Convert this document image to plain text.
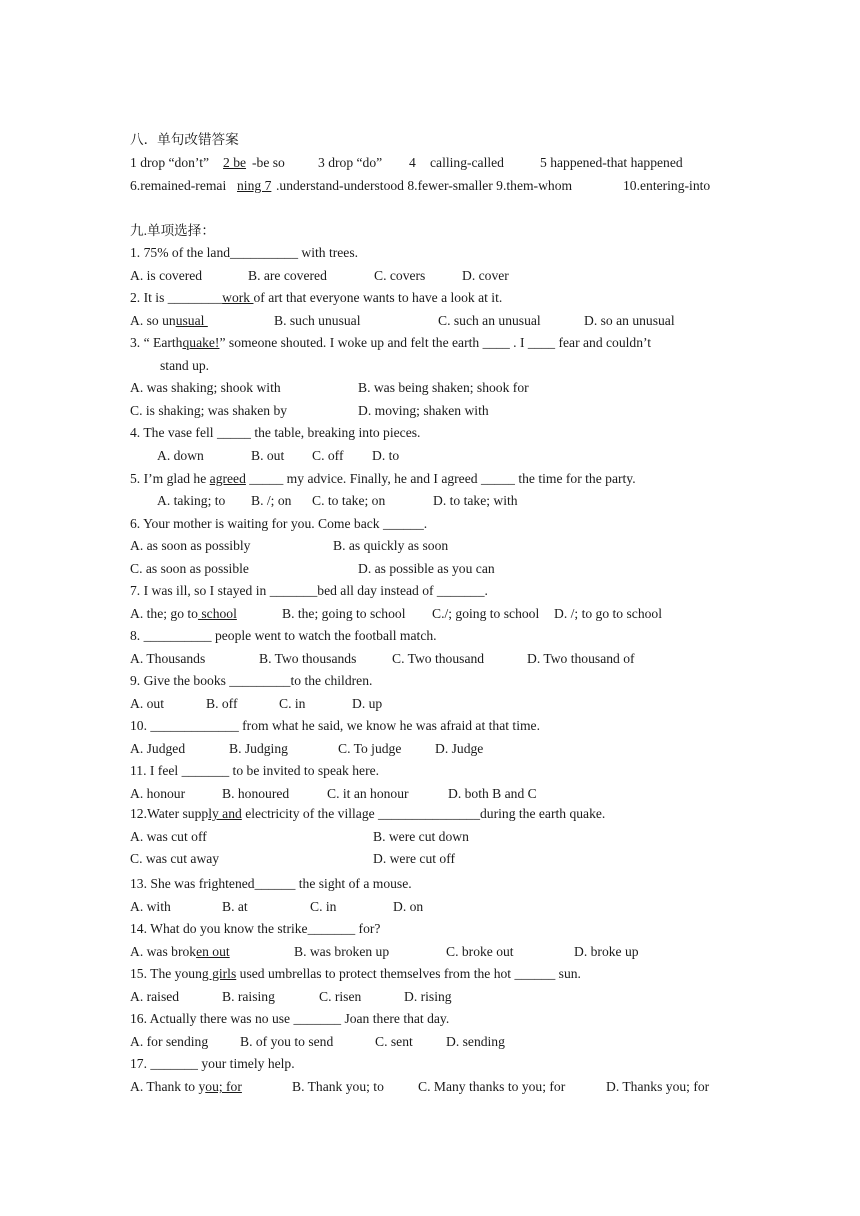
八．单句改错答案
1 drop “don’t” 2 be -be so 3 drop “do” 4 calling-called	5 happened-that happened
6.remained-remai ning 7 .understand-understood 8.fewer-smaller 9.them-whom	10.entering-into
九.单项选择：
1. 75% of the land__________ with trees.
A. is covered	B. are covered	C. covers	D. cover
2. It is ________work of art that everyone wants to have a look at it.
A. so unusual	B. such unusual	C. such an unusual	D. so an unusual
3. “ Earthquake!” someone shouted. I woke up and felt the earth ____ . I ____ fear and couldn’t
stand up.
A. was shaking; shook with	B. was being shaken; shook for
C. is shaking; was shaken by	D. moving; shaken with
4. The vase fell _____ the table, breaking into pieces.
A. down	B. out C. off D. to
5. I’m glad he agreed _____ my advice. Finally, he and I agreed _____ the time for the party.
A. taking; to B. /; on C. to take; on	D. to take; with
6. Your mother is waiting for you. Come back ______.
A. as soon as possibly	B. as quickly as soon
C. as soon as possible	D. as possible as you can
7. I was ill, so I stayed in _______bed all day instead of _______.
A. the; go to school	B. the; going to school C./; going to school D. /; to go to school
8. __________ people went to watch the football match.
A. Thousands	B. Two thousands	C. Two thousand	D. Two thousand of
9. Give the books _________to the children.
A. out	B. off	C. in	D. up
10. _____________ from what he said, we know he was afraid at that time.
A. Judged	B. Judging	C. To judge D. Judge
11. I feel _______ to be invited to speak here.
A. honour	B. honoured	C. it an honour	D. both B and C
12.Water supply and electricity of the village _______________during the earth quake.
A. was cut off	B. were cut down
C. was cut away	D. were cut off
13. She was frightened______ the sight of a mouse.
A. with	B. at	C. in	D. on
14. What do you know the strike_______ for?
A. was broken out	B. was broken up	C. broke out	D. broke up
15. The young girls used umbrellas to protect themselves from the hot ______ sun.
A. raised	B. raising	C. risen	D. rising
16. Actually there was no use _______ Joan there that day.
A. for sending B. of you to send	C. sent D. sending
17. _______ your timely help.
A. Thank to you; for	B. Thank you; to	C. Many thanks to you; for	D. Thanks you; for
